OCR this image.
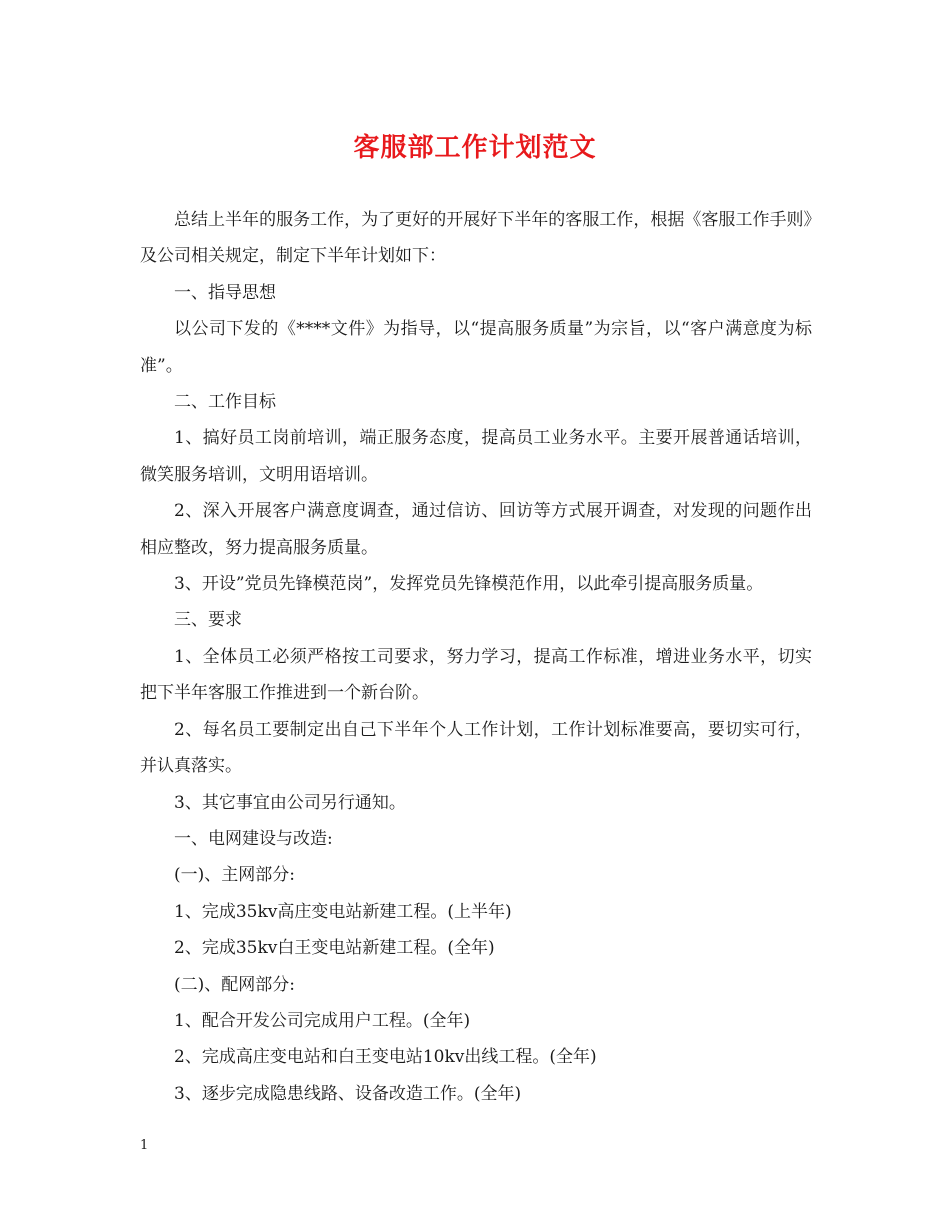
客服部工作计划范文

总结上半年的服务工作，为了更好的开展好下半年的客服工作，根据《客服工作手则》及公司相关规定，制定下半年计划如下：

一、指导思想

以公司下发的《****文件》为指导，以“提高服务质量”为宗旨，以“客户满意度为标准”。

二、工作目标

1、搞好员工岗前培训，端正服务态度，提高员工业务水平。主要开展普通话培训，微笑服务培训，文明用语培训。

2、深入开展客户满意度调查，通过信访、回访等方式展开调查，对发现的问题作出相应整改，努力提高服务质量。

3、开设”党员先锋模范岗”，发挥党员先锋模范作用，以此牵引提高服务质量。

三、要求

1、全体员工必须严格按工司要求，努力学习，提高工作标准，增进业务水平，切实把下半年客服工作推进到一个新台阶。

2、每名员工要制定出自己下半年个人工作计划，工作计划标准要高，要切实可行，并认真落实。

3、其它事宜由公司另行通知。

一、电网建设与改造:

(一)、主网部分:

1、完成35kv高庄变电站新建工程。(上半年)

2、完成35kv白王变电站新建工程。(全年)

(二)、配网部分:

1、配合开发公司完成用户工程。(全年)

2、完成高庄变电站和白王变电站10kv出线工程。(全年)

3、逐步完成隐患线路、设备改造工作。(全年)

1
